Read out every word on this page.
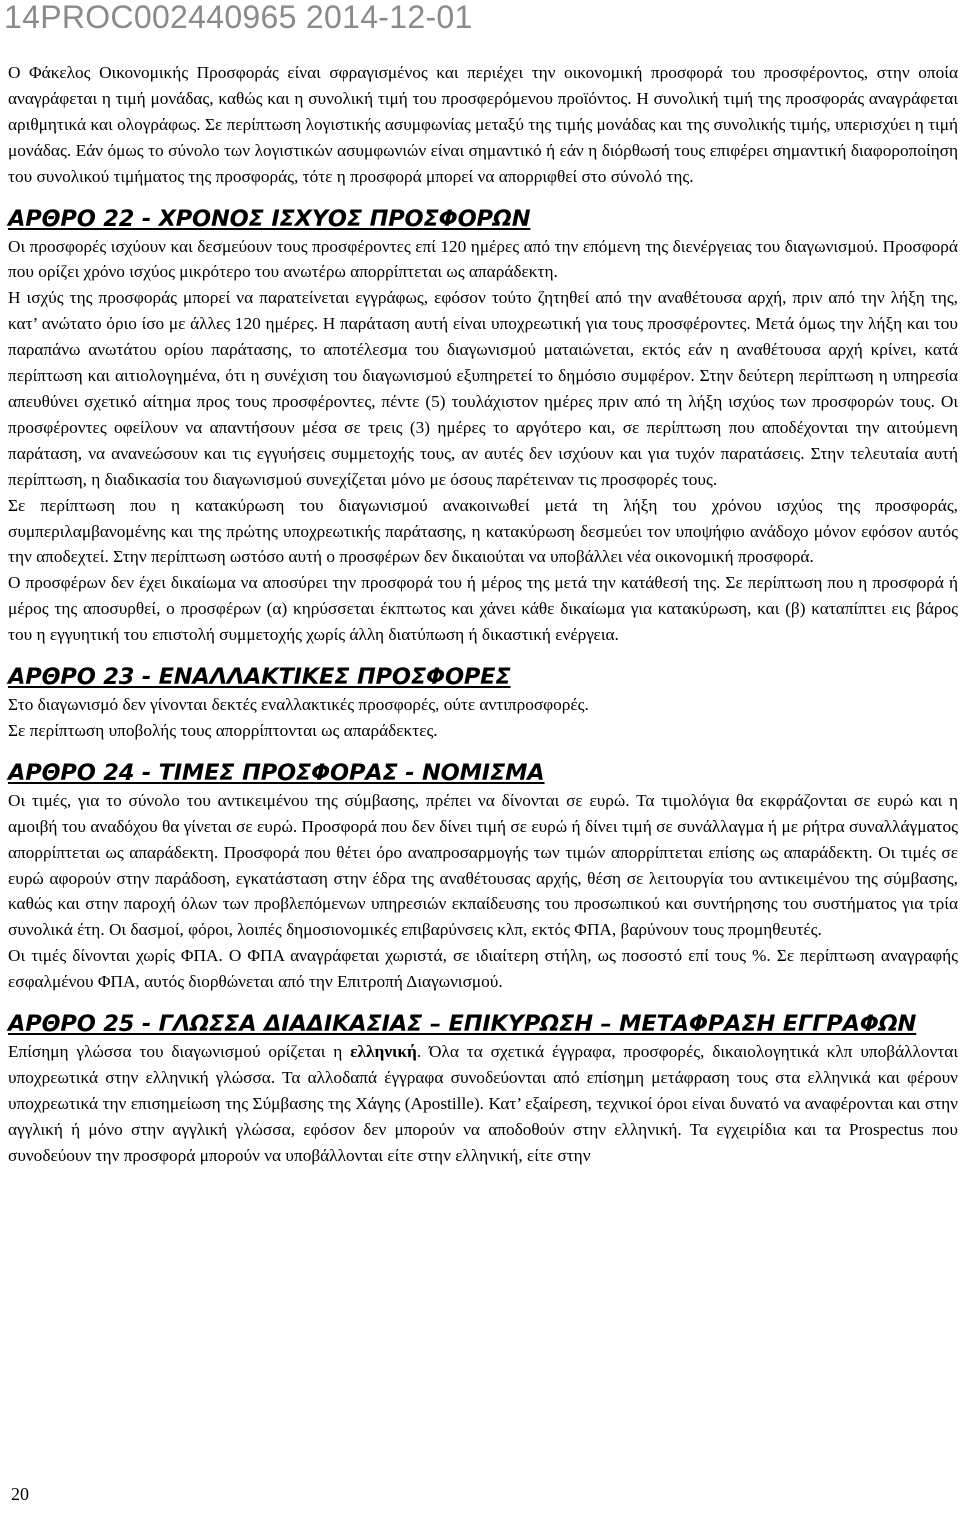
14PROC002440965 2014-12-01

Ο Φάκελος Οικονομικής Προσφοράς είναι σφραγισμένος και περιέχει την οικονομική προσφορά του προσφέροντος, στην οποία αναγράφεται η τιμή μονάδας, καθώς και η συνολική τιμή του προσφερόμενου προϊόντος. Η συνολική τιμή της προσφοράς αναγράφεται αριθμητικά και ολογράφως. Σε περίπτωση λογιστικής ασυμφωνίας μεταξύ της τιμής μονάδας και της συνολικής τιμής, υπερισχύει η τιμή μονάδας. Εάν όμως το σύνολο των λογιστικών ασυμφωνιών είναι σημαντικό ή εάν η διόρθωσή τους επιφέρει σημαντική διαφοροποίηση του συνολικού τιμήματος της προσφοράς, τότε η προσφορά μπορεί να απορριφθεί στο σύνολό της.

ΑΡΘΡΟ 22 - ΧΡΟΝΟΣ ΙΣΧΥΟΣ ΠΡΟΣΦΟΡΩΝ

Οι προσφορές ισχύουν και δεσμεύουν τους προσφέροντες επί 120 ημέρες από την επόμενη της διενέργειας του διαγωνισμού. Προσφορά που ορίζει χρόνο ισχύος μικρότερο του ανωτέρω απορρίπτεται ως απαράδεκτη.

Η ισχύς της προσφοράς μπορεί να παρατείνεται εγγράφως, εφόσον τούτο ζητηθεί από την αναθέτουσα αρχή, πριν από την λήξη της, κατ’ ανώτατο όριο ίσο με άλλες 120 ημέρες. Η παράταση αυτή είναι υποχρεωτική για τους προσφέροντες. Μετά όμως την λήξη και του παραπάνω ανωτάτου ορίου παράτασης, το αποτέλεσμα του διαγωνισμού ματαιώνεται, εκτός εάν η αναθέτουσα αρχή κρίνει, κατά περίπτωση και αιτιολογημένα, ότι η συνέχιση του διαγωνισμού εξυπηρετεί το δημόσιο συμφέρον. Στην δεύτερη περίπτωση η υπηρεσία απευθύνει σχετικό αίτημα προς τους προσφέροντες, πέντε (5) τουλάχιστον ημέρες πριν από τη λήξη ισχύος των προσφορών τους. Οι προσφέροντες οφείλουν να απαντήσουν μέσα σε τρεις (3) ημέρες το αργότερο και, σε περίπτωση που αποδέχονται την αιτούμενη παράταση, να ανανεώσουν και τις εγγυήσεις συμμετοχής τους, αν αυτές δεν ισχύουν και για τυχόν παρατάσεις. Στην τελευταία αυτή περίπτωση, η διαδικασία του διαγωνισμού συνεχίζεται μόνο με όσους παρέτειναν τις προσφορές τους.

Σε περίπτωση που η κατακύρωση του διαγωνισμού ανακοινωθεί μετά τη λήξη του χρόνου ισχύος της προσφοράς, συμπεριλαμβανομένης και της πρώτης υποχρεωτικής παράτασης, η κατακύρωση δεσμεύει τον υποψήφιο ανάδοχο μόνον εφόσον αυτός την αποδεχτεί. Στην περίπτωση ωστόσο αυτή ο προσφέρων δεν δικαιούται να υποβάλλει νέα οικονομική προσφορά.

Ο προσφέρων δεν έχει δικαίωμα να αποσύρει την προσφορά του ή μέρος της μετά την κατάθεσή της. Σε περίπτωση που η προσφορά ή μέρος της αποσυρθεί, ο προσφέρων (α) κηρύσσεται έκπτωτος και χάνει κάθε δικαίωμα για κατακύρωση, και (β) καταπίπτει εις βάρος του η εγγυητική του επιστολή συμμετοχής χωρίς άλλη διατύπωση ή δικαστική ενέργεια.

ΑΡΘΡΟ 23 - ΕΝΑΛΛΑΚΤΙΚΕΣ ΠΡΟΣΦΟΡΕΣ

Στο διαγωνισμό δεν γίνονται δεκτές εναλλακτικές προσφορές, ούτε αντιπροσφορές.

Σε περίπτωση υποβολής τους απορρίπτονται ως απαράδεκτες.

ΑΡΘΡΟ 24 - ΤΙΜΕΣ ΠΡΟΣΦΟΡΑΣ - ΝΟΜΙΣΜΑ

Οι τιμές, για το σύνολο του αντικειμένου της σύμβασης, πρέπει να δίνονται σε ευρώ. Τα τιμολόγια θα εκφράζονται σε ευρώ και η αμοιβή του αναδόχου θα γίνεται σε ευρώ. Προσφορά που δεν δίνει τιμή σε ευρώ ή δίνει τιμή σε συνάλλαγμα ή με ρήτρα συναλλάγματος απορρίπτεται ως απαράδεκτη. Προσφορά που θέτει όρο αναπροσαρμογής των τιμών απορρίπτεται επίσης ως απαράδεκτη. Οι τιμές σε ευρώ αφορούν στην παράδοση, εγκατάσταση στην έδρα της αναθέτουσας αρχής, θέση σε λειτουργία του αντικειμένου της σύμβασης, καθώς και στην παροχή όλων των προβλεπόμενων υπηρεσιών εκπαίδευσης του προσωπικού και συντήρησης του συστήματος για τρία συνολικά έτη. Οι δασμοί, φόροι, λοιπές δημοσιονομικές επιβαρύνσεις κλπ, εκτός ΦΠΑ, βαρύνουν τους προμηθευτές.

Οι τιμές δίνονται χωρίς ΦΠΑ. Ο ΦΠΑ αναγράφεται χωριστά, σε ιδιαίτερη στήλη, ως ποσοστό επί τους %. Σε περίπτωση αναγραφής εσφαλμένου ΦΠΑ, αυτός διορθώνεται από την Επιτροπή Διαγωνισμού.

ΑΡΘΡΟ 25 - ΓΛΩΣΣΑ ΔΙΑΔΙΚΑΣΙΑΣ – ΕΠΙΚΥΡΩΣΗ – ΜΕΤΑΦΡΑΣΗ ΕΓΓΡΑΦΩΝ

Επίσημη γλώσσα του διαγωνισμού ορίζεται η ελληνική. Όλα τα σχετικά έγγραφα, προσφορές, δικαιολογητικά κλπ υποβάλλονται υποχρεωτικά στην ελληνική γλώσσα. Τα αλλοδαπά έγγραφα συνοδεύονται από επίσημη μετάφραση τους στα ελληνικά και φέρουν υποχρεωτικά την επισημείωση της Σύμβασης της Χάγης (Apostille). Κατ’ εξαίρεση, τεχνικοί όροι είναι δυνατό να αναφέρονται και στην αγγλική ή μόνο στην αγγλική γλώσσα, εφόσον δεν μπορούν να αποδοθούν στην ελληνική. Τα εγχειρίδια και τα Prospectus που συνοδεύουν την προσφορά μπορούν να υποβάλλονται είτε στην ελληνική, είτε στην

20
